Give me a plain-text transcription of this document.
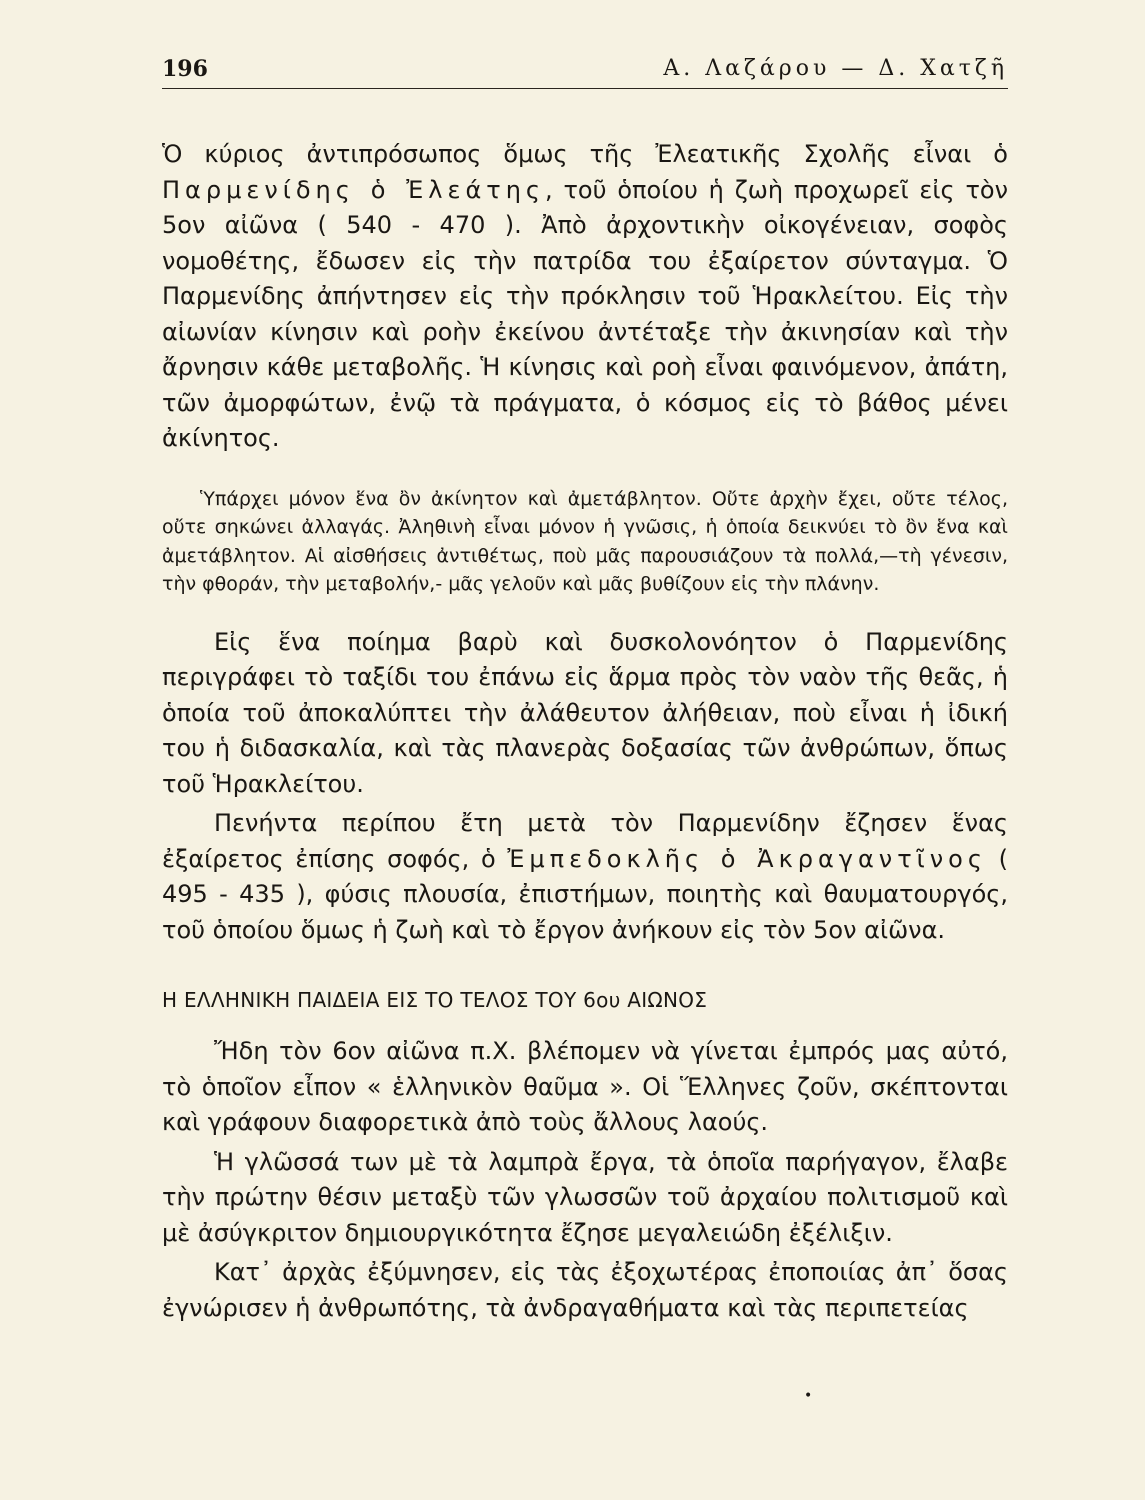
196	Α. Λαζάρου — Δ. Χατζῆ

Ὁ κύριος ἀντιπρόσωπος ὅμως τῆς Ἐλεατικῆς Σχολῆς εἶναι ὁ Παρμενίδης ὁ Ἐλεάτης, τοῦ ὁποίου ἡ ζωὴ προχωρεῖ εἰς τὸν 5ον αἰῶνα ( 540 - 470 ). Ἀπὸ ἀρχοντικὴν οἰκογένειαν, σοφὸς νομοθέτης, ἔδωσεν εἰς τὴν πατρίδα του ἐξαίρετον σύνταγμα. Ὁ Παρμενίδης ἀπήντησεν εἰς τὴν πρόκλησιν τοῦ Ἡρακλείτου. Εἰς τὴν αἰωνίαν κίνησιν καὶ ροὴν ἐκείνου ἀντέταξε τὴν ἀκινησίαν καὶ τὴν ἄρνησιν κάθε μεταβολῆς. Ἡ κίνησις καὶ ροὴ εἶναι φαινόμενον, ἀπάτη, τῶν ἀμορφώτων, ἐνῷ τὰ πράγματα, ὁ κόσμος εἰς τὸ βάθος μένει ἀκίνητος.

Ὑπάρχει μόνον ἕνα ὂν ἀκίνητον καὶ ἀμετάβλητον. Οὔτε ἀρχὴν ἔχει, οὔτε τέλος, οὔτε σηκώνει ἀλλαγάς. Ἀληθινὴ εἶναι μόνον ἡ γνῶσις, ἡ ὁποία δεικνύει τὸ ὂν ἕνα καὶ ἀμετάβλητον. Αἱ αἰσθήσεις ἀντιθέτως, ποὺ μᾶς παρουσιάζουν τὰ πολλά,—τὴ γένεσιν, τὴν φθοράν, τὴν μεταβολήν,- μᾶς γελοῦν καὶ μᾶς βυθίζουν εἰς τὴν πλάνην.

Εἰς ἕνα ποίημα βαρὺ καὶ δυσκολονόητον ὁ Παρμενίδης περιγράφει τὸ ταξίδι του ἐπάνω εἰς ἅρμα πρὸς τὸν ναὸν τῆς θεᾶς, ἡ ὁποία τοῦ ἀποκαλύπτει τὴν ἀλάθευτον ἀλήθειαν, ποὺ εἶναι ἡ ἰδική του ἡ διδασκαλία, καὶ τὰς πλανερὰς δοξασίας τῶν ἀνθρώπων, ὅπως τοῦ Ἡρακλείτου.

Πενήντα περίπου ἔτη μετὰ τὸν Παρμενίδην ἔζησεν ἕνας ἐξαίρετος ἐπίσης σοφός, ὁ Ἐμπεδοκλῆς ὁ Ἀκραγαντῖνος ( 495 - 435 ), φύσις πλουσία, ἐπιστήμων, ποιητὴς καὶ θαυματουργός, τοῦ ὁποίου ὅμως ἡ ζωὴ καὶ τὸ ἔργον ἀνήκουν εἰς τὸν 5ον αἰῶνα.

Η ΕΛΛΗΝΙΚΗ ΠΑΙΔΕΙΑ ΕΙΣ ΤΟ ΤΕΛΟΣ ΤΟΥ 6ου ΑΙΩΝΟΣ

Ἤδη τὸν 6ον αἰῶνα π.Χ. βλέπομεν νὰ γίνεται ἐμπρός μας αὐτό, τὸ ὁποῖον εἶπον « ἑλληνικὸν θαῦμα ». Οἱ Ἕλληνες ζοῦν, σκέπτονται καὶ γράφουν διαφορετικὰ ἀπὸ τοὺς ἄλλους λαούς.

Ἡ γλῶσσά των μὲ τὰ λαμπρὰ ἔργα, τὰ ὁποῖα παρήγαγον, ἔλαβε τὴν πρώτην θέσιν μεταξὺ τῶν γλωσσῶν τοῦ ἀρχαίου πολιτισμοῦ καὶ μὲ ἀσύγκριτον δημιουργικότητα ἔζησε μεγαλειώδη ἐξέλιξιν.

Κατ᾽ ἀρχὰς ἐξύμνησεν, εἰς τὰς ἐξοχωτέρας ἐποποιίας ἀπ᾽ ὅσας ἐγνώρισεν ἡ ἀνθρωπότης, τὰ ἀνδραγαθήματα καὶ τὰς περιπετείας

•
